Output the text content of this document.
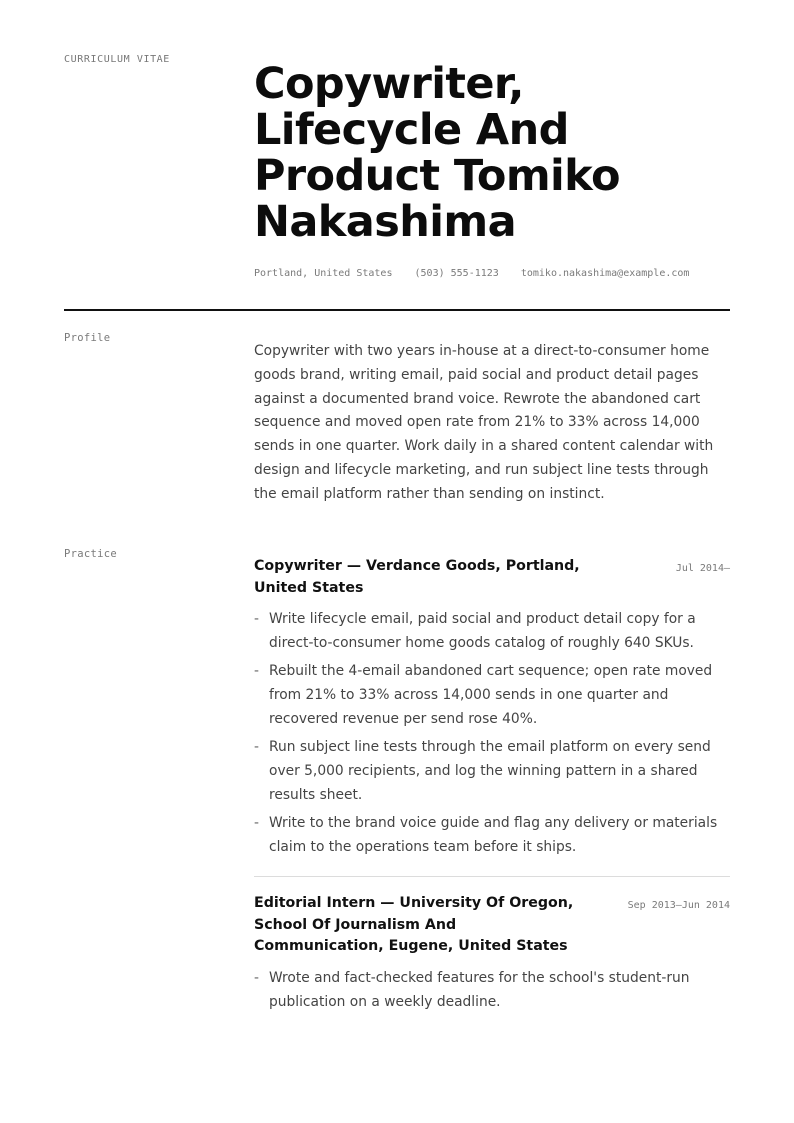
CURRICULUM VITAE Copywriter, Lifecycle And Product Tomiko Nakashima
Portland, United States (503) 555-1123 tomiko.nakashima@example.com
Profile

Copywriter with two years in-house at a direct-to-consumer home goods brand, writing email, paid social and product detail pages against a documented brand voice. Rewrote the abandoned cart sequence and moved open rate from 21% to 33% across 14,000 sends in one quarter. Work daily in a shared content calendar with design and lifecycle marketing, and run subject line tests through the email platform rather than sending on instinct.

Practice
Copywriter — Verdance Goods, Portland, United States
Jul 2014–
- Write lifecycle email, paid social and product detail copy for a direct-to-consumer home goods catalog of roughly 640 SKUs.
- Rebuilt the 4-email abandoned cart sequence; open rate moved from 21% to 33% across 14,000 sends in one quarter and recovered revenue per send rose 40%.
- Run subject line tests through the email platform on every send over 5,000 recipients, and log the winning pattern in a shared results sheet.
- Write to the brand voice guide and flag any delivery or materials claim to the operations team before it ships.
Editorial Intern — University Of Oregon, School Of Journalism And Communication, Eugene, United States
Sep 2013–Jun 2014
- Wrote and fact-checked features for the school's student-run publication on a weekly deadline.
